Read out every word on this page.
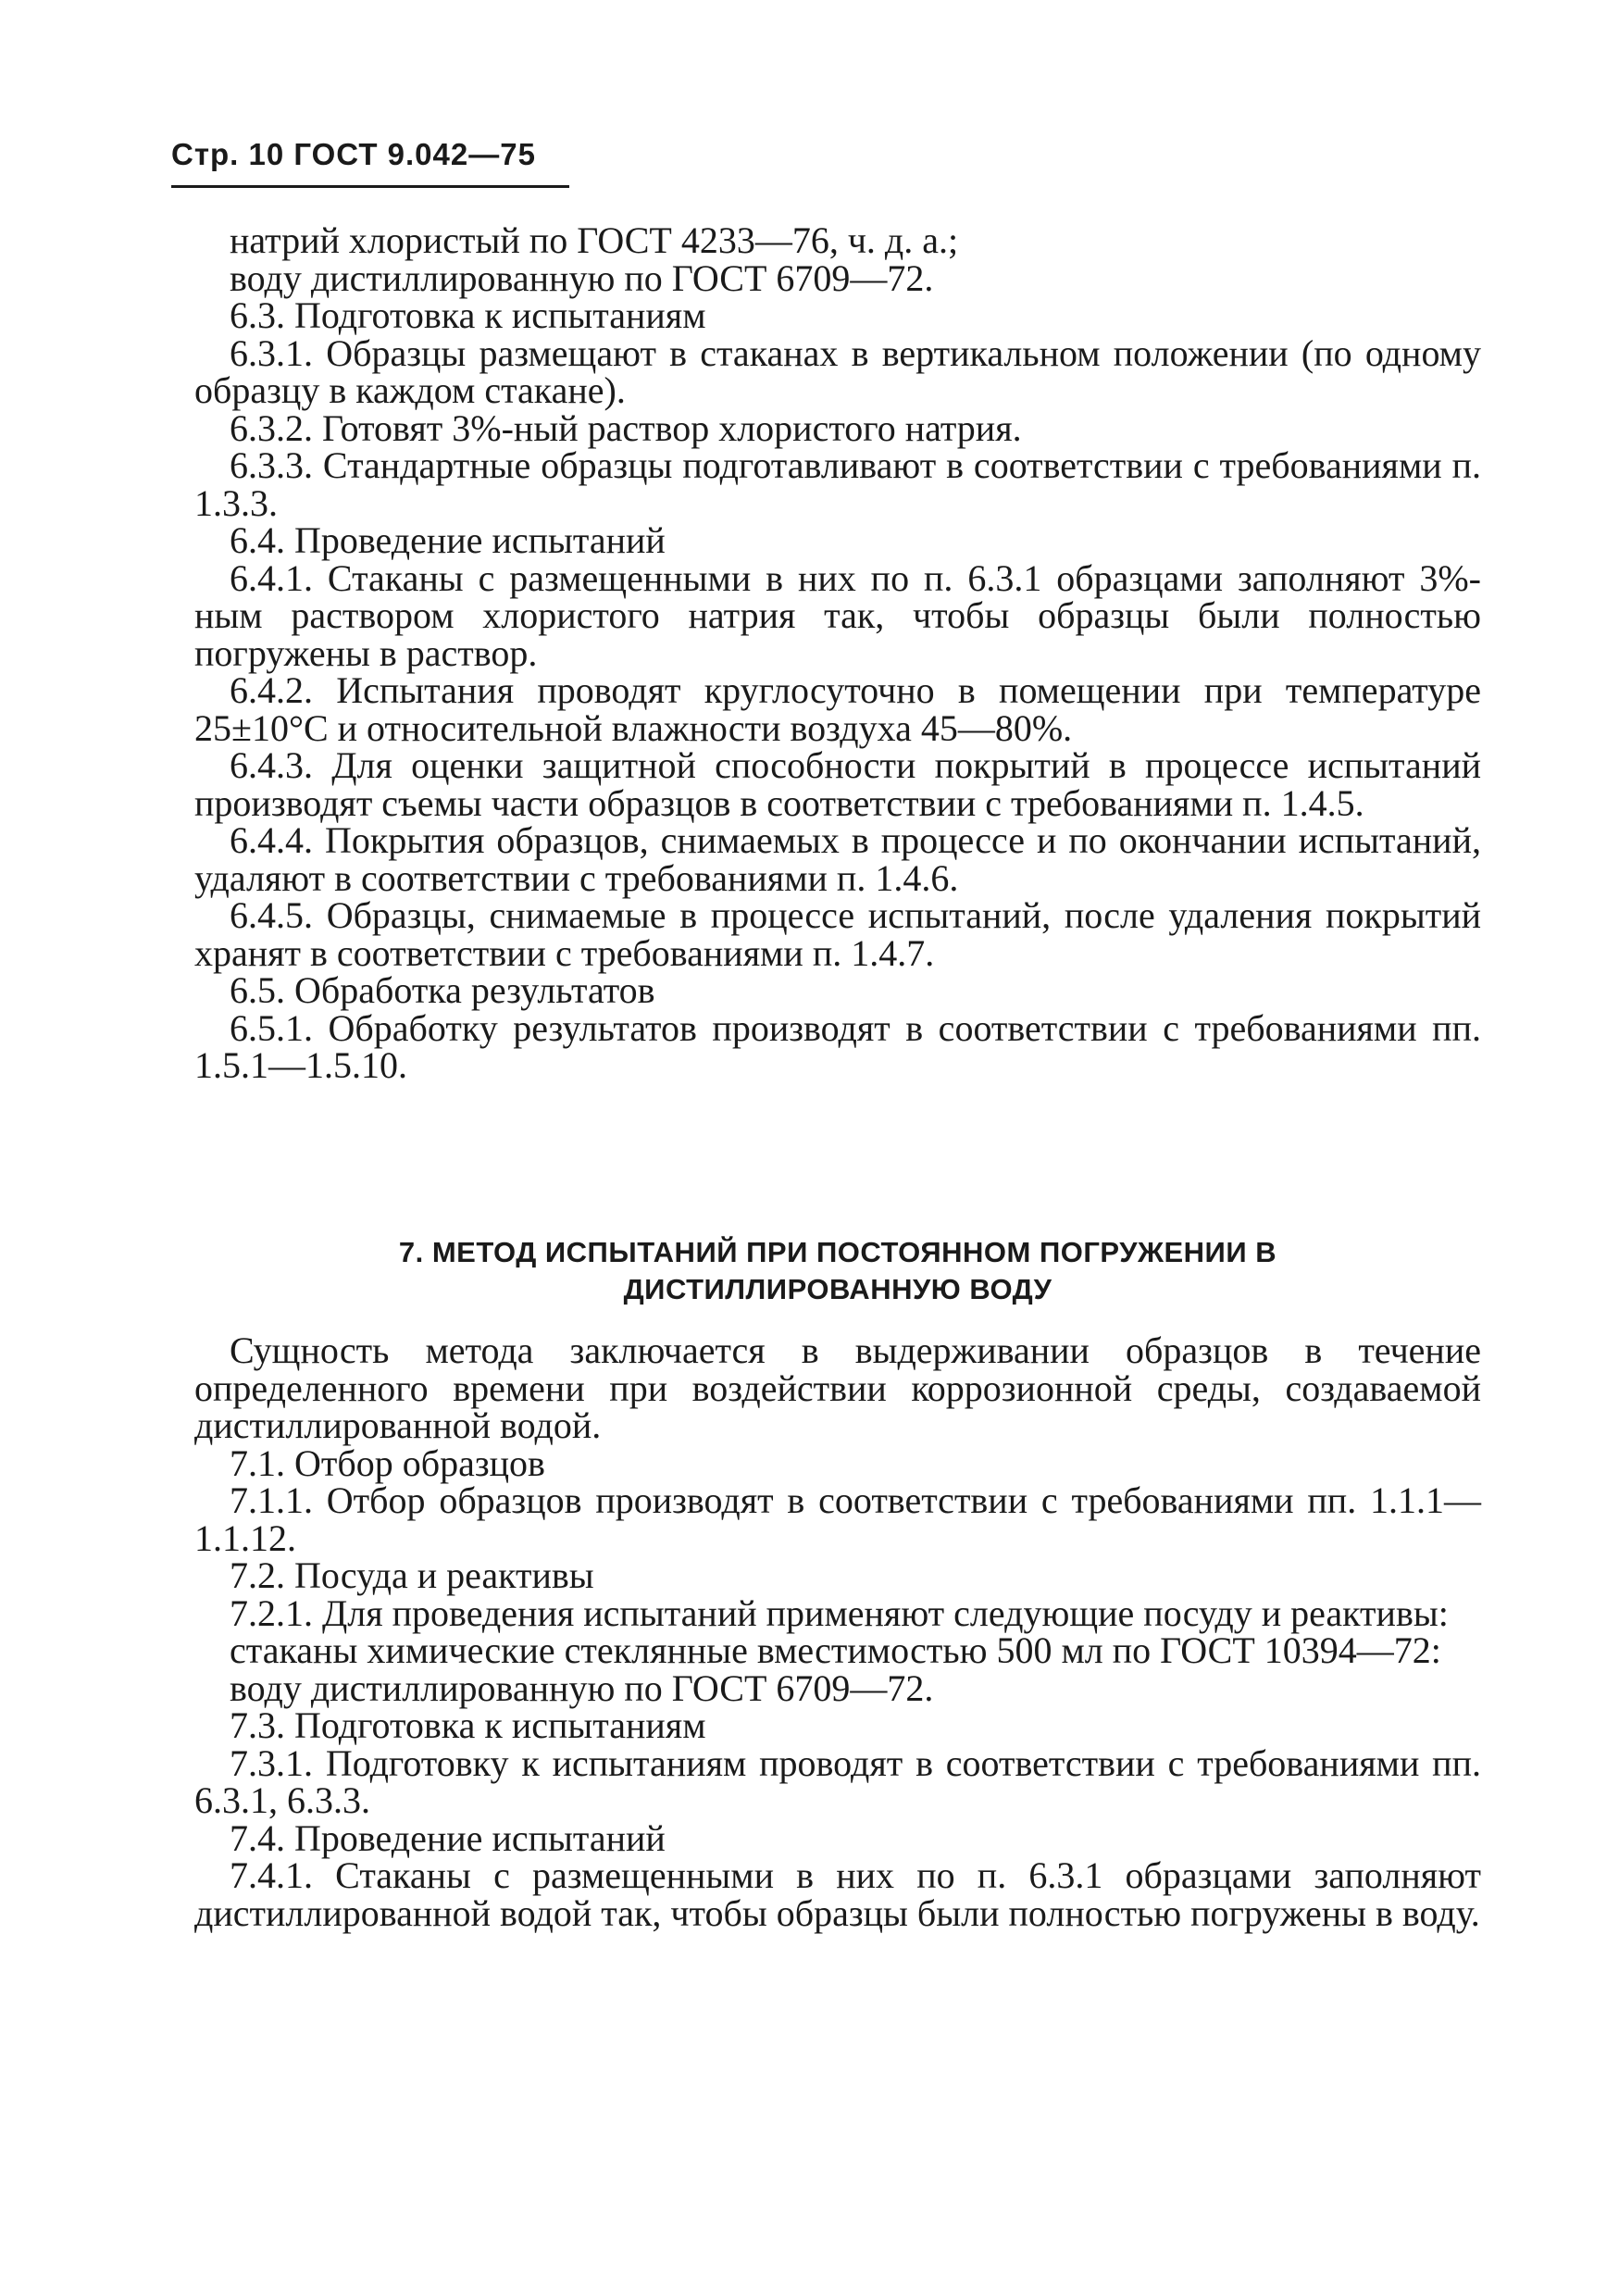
Стр. 10 ГОСТ 9.042—75

натрий хлористый по ГОСТ 4233—76, ч. д. а.;

воду дистиллированную по ГОСТ 6709—72.

6.3. Подготовка к испытаниям

6.3.1. Образцы размещают в стаканах в вертикальном положении (по одному образцу в каждом стакане).

6.3.2. Готовят 3%-ный раствор хлористого натрия.

6.3.3. Стандартные образцы подготавливают в соответствии с требованиями п. 1.3.3.

6.4. Проведение испытаний

6.4.1. Стаканы с размещенными в них по п. 6.3.1 образцами заполняют 3%-ным раствором хлористого натрия так, чтобы образцы были полностью погружены в раствор.

6.4.2. Испытания проводят круглосуточно в помещении при температуре 25±10°С и относительной влажности воздуха 45—80%.

6.4.3. Для оценки защитной способности покрытий в процессе испытаний производят съемы части образцов в соответствии с требованиями п. 1.4.5.

6.4.4. Покрытия образцов, снимаемых в процессе и по окончании испытаний, удаляют в соответствии с требованиями п. 1.4.6.

6.4.5. Образцы, снимаемые в процессе испытаний, после удаления покрытий хранят в соответствии с требованиями п. 1.4.7.

6.5. Обработка результатов

6.5.1. Обработку результатов производят в соответствии с требованиями пп. 1.5.1—1.5.10.

7. МЕТОД ИСПЫТАНИЙ ПРИ ПОСТОЯННОМ ПОГРУЖЕНИИ В
ДИСТИЛЛИРОВАННУЮ ВОДУ

Сущность метода заключается в выдерживании образцов в течение определенного времени при воздействии коррозионной среды, создаваемой дистиллированной водой.

7.1. Отбор образцов

7.1.1. Отбор образцов производят в соответствии с требованиями пп. 1.1.1—1.1.12.

7.2. Посуда и реактивы

7.2.1. Для проведения испытаний применяют следующие посуду и реактивы:

стаканы химические стеклянные вместимостью 500 мл по ГОСТ 10394—72:

воду дистиллированную по ГОСТ 6709—72.

7.3. Подготовка к испытаниям

7.3.1. Подготовку к испытаниям проводят в соответствии с требованиями пп. 6.3.1, 6.3.3.

7.4. Проведение испытаний

7.4.1. Стаканы с размещенными в них по п. 6.3.1 образцами заполняют дистиллированной водой так, чтобы образцы были полностью погружены в воду.
